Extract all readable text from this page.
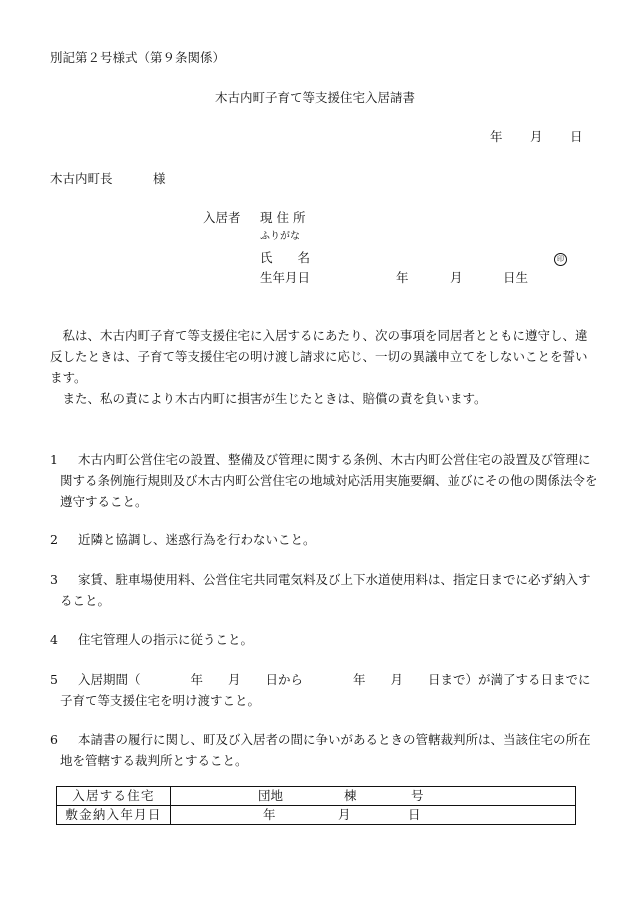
別記第２号様式（第９条関係）
木古内町子育て等支援住宅入居請書
年 月 日
木古内町長	様
入居者 現 住 所
ふりがな
氏　　名	印
生年月日	年	月	日生
私は、木古内町子育て等支援住宅に入居するにあたり、次の事項を同居者とともに遵守し、違反したときは、子育て等支援住宅の明け渡し請求に応じ、一切の異議申立てをしないことを誓います。
また、私の責により木古内町に損害が生じたときは、賠償の責を負います。
1 木古内町公営住宅の設置、整備及び管理に関する条例、木古内町公営住宅の設置及び管理に関する条例施行規則及び木古内町公営住宅の地域対応活用実施要綱、並びにその他の関係法令を遵守すること。
2 近隣と協調し、迷惑行為を行わないこと。
3 家賃、駐車場使用料、公営住宅共同電気料及び上下水道使用料は、指定日までに必ず納入すること。
4 住宅管理人の指示に従うこと。
5 入居期間（　　　　年　　月　　日から　　　　年　　月　　日まで）が満了する日までに子育て等支援住宅を明け渡すこと。
6 本請書の履行に関し、町及び入居者の間に争いがあるときの管轄裁判所は、当該住宅の所在地を管轄する裁判所とすること。
入居する住宅	団地 棟 号

敷金納入年月日	年 月 日
